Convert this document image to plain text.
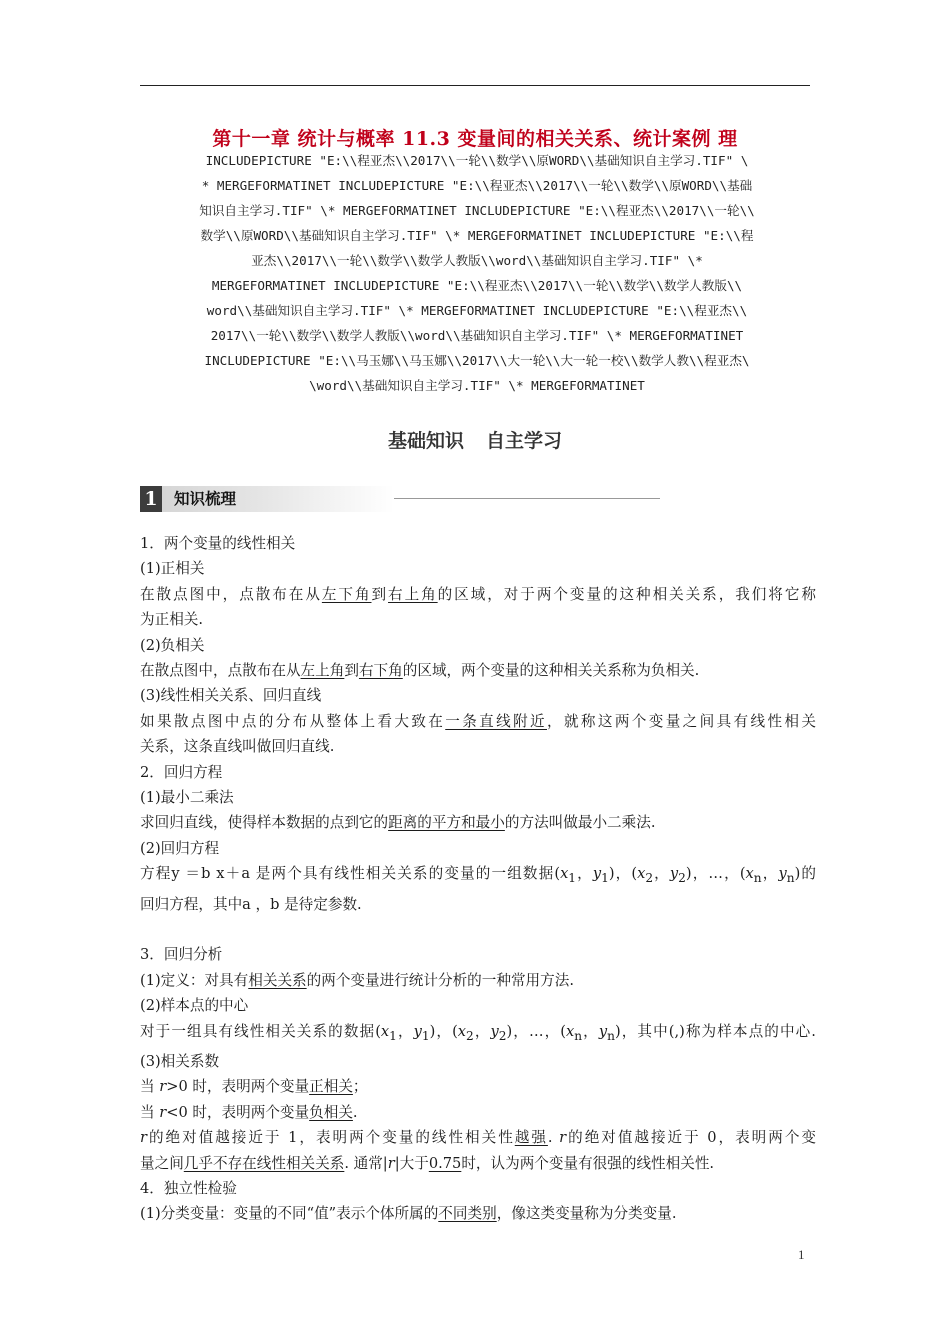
第十一章 统计与概率 11.3 变量间的相关关系、统计案例 理
INCLUDEPICTURE "E:\\程亚杰\\2017\\一轮\\数学\\原WORD\\基础知识自主学习.TIF" \
* MERGEFORMATINET INCLUDEPICTURE "E:\\程亚杰\\2017\\一轮\\数学\\原WORD\\基础
知识自主学习.TIF" \* MERGEFORMATINET INCLUDEPICTURE "E:\\程亚杰\\2017\\一轮\\
数学\\原WORD\\基础知识自主学习.TIF" \* MERGEFORMATINET INCLUDEPICTURE "E:\\程
亚杰\\2017\\一轮\\数学\\数学人教版\\word\\基础知识自主学习.TIF" \*
MERGEFORMATINET INCLUDEPICTURE "E:\\程亚杰\\2017\\一轮\\数学\\数学人教版\\
word\\基础知识自主学习.TIF" \* MERGEFORMATINET INCLUDEPICTURE "E:\\程亚杰\\
2017\\一轮\\数学\\数学人教版\\word\\基础知识自主学习.TIF" \* MERGEFORMATINET
INCLUDEPICTURE "E:\\马玉娜\\马玉娜\\2017\\大一轮\\大一轮一校\\数学人教\\程亚杰\
\word\\基础知识自主学习.TIF" \* MERGEFORMATINET
基础知识 自主学习
1	知识梳理

1．两个变量的线性相关

(1)正相关

在散点图中，点散布在从左下角到右上角的区域，对于两个变量的这种相关关系，我们将它称

为正相关.

(2)负相关

在散点图中，点散布在从左上角到右下角的区域，两个变量的这种相关关系称为负相关.

(3)线性相关关系、回归直线

如果散点图中点的分布从整体上看大致在一条直线附近，就称这两个变量之间具有线性相关

关系，这条直线叫做回归直线.

2．回归方程

(1)最小二乘法

求回归直线，使得样本数据的点到它的距离的平方和最小的方法叫做最小二乘法.

(2)回归方程

方程y ＝b x＋a 是两个具有线性相关关系的变量的一组数据($x_1$，$y_1$)，($x_2$，$y_2$)，…，($x_n$，$y_n$)的

回归方程，其中a ，b 是待定参数.

3．回归分析

(1)定义：对具有相关关系的两个变量进行统计分析的一种常用方法.

(2)样本点的中心

对于一组具有线性相关关系的数据($x_1$，$y_1$)，($x_2$，$y_2$)，…，($x_n$，$y_n$)，其中(,)称为样本点的中心.

(3)相关系数

当 r>0 时，表明两个变量正相关；

当 r<0 时，表明两个变量负相关.

r的绝对值越接近于 1，表明两个变量的线性相关性越强. r的绝对值越接近于 0，表明两个变

量之间几乎不存在线性相关关系. 通常|r|大于0.75时，认为两个变量有很强的线性相关性.

4．独立性检验

(1)分类变量：变量的不同“值”表示个体所属的不同类别，像这类变量称为分类变量.

1
